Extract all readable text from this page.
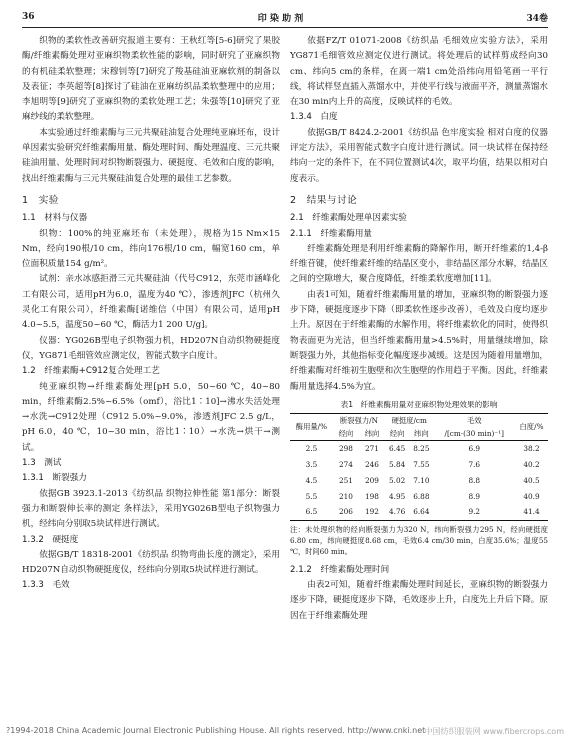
36	印 染 助 剂	34卷

织物的柔软性改善研究报道主要有：王秋红等[5-6]研究了果胶酶/纤维素酶处理对亚麻织物柔软性能的影响，同时研究了亚麻织物的有机硅柔软整理；宋穆钊等[7]研究了羧基硅油亚麻软剂的制备以及表征；李英超等[8]探讨了硅油在亚麻纺织品柔软整理中的应用；李旭明等[9]研究了亚麻织物的柔软处理工艺；朱强等[10]研究了亚麻纱线的柔软整理。

本实验通过纤维素酶与三元共聚硅油复合处理纯亚麻坯布，设计单因素实验研究纤维素酶用量、酶处理时间、酶处理温度、三元共聚硅油用量、处理时间对织物断裂强力、硬挺度、毛效和白度的影响，找出纤维素酶与三元共聚硅油复合处理的最佳工艺参数。

1　实验
1.1　材料与仪器

织物：100%的纯亚麻坯布（未处理），规格为15 Nm×15 Nm，经向190根/10 cm，纬向176根/10 cm，幅宽160 cm，单位面积质量154 g/m²。

试剂：亲水冰感拒滑三元共聚硅油（代号C912，东莞市涵峰化工有限公司，适用pH为6.0，温度为40 ℃），渗透剂JFC（杭州久灵化工有限公司），纤维素酶[诺维信（中国）有限公司，适用pH 4.0~5.5，温度50~60 ℃，酶活力1 200 U/g]。

仪器：YG026B型电子织物强力机，HD207N自动织物硬挺度仪，YG871毛细管效应测定仪，智能式数字白度计。

1.2　纤维素酶+C912复合处理工艺

纯亚麻织物→纤维素酶处理[pH 5.0，50~60 ℃，40~80 min，纤维素酶2.5%~6.5%（omf），浴比1∶10]→沸水失活处理→水洗→C912处理（C912 5.0%~9.0%，渗透剂JFC 2.5 g/L，pH 6.0，40 ℃，10~30 min，浴比1∶10）→水洗→烘干→测试。

1.3　测试
1.3.1　断裂强力

依据GB 3923.1-2013《纺织品 织物拉伸性能 第1部分：断裂强力和断裂伸长率的测定 条样法》，采用YG026B型电子织物强力机，经纬向分别取5块试样进行测试。

1.3.2　硬挺度

依据GB/T 18318-2001《纺织品 织物弯曲长度的测定》，采用HD207N自动织物硬挺度仪，经纬向分别取5块试样进行测试。

1.3.3　毛效

依据FZ/T 01071-2008《纺织品 毛细效应实验方法》，采用YG871毛细管效应测定仪进行测试。将处理后的试样剪成经向30 cm、纬向5 cm的条样，在离一端1 cm处沿纬向用铅笔画一平行线，将试样竖直插入蒸馏水中，并使平行线与液面平齐，测量蒸馏水在30 min内上升的高度，反映试样的毛效。

1.3.4　白度

依据GB/T 8424.2-2001《纺织品 色牢度实验 相对白度的仪器评定方法》，采用智能式数字白度计进行测试。同一块试样在保持经纬向一定的条件下，在不同位置测试4次，取平均值，结果以相对白度表示。

2　结果与讨论
2.1　纤维素酶处理单因素实验
2.1.1　纤维素酶用量

纤维素酶处理是利用纤维素酶的降解作用，断开纤维素的1,4-β纤维苷键，使纤维素纤维的结晶区变小，非结晶区部分水解，结晶区之间的空隙增大，聚合度降低，纤维柔软度增加[11]。

由表1可知，随着纤维素酶用量的增加，亚麻织物的断裂强力逐步下降，硬挺度逐步下降（即柔软性逐步改善），毛效及白度均逐步上升。原因在于纤维素酶的水解作用，将纤维素软化的同时，使得织物表面更为光洁，但当纤维素酶用量>4.5%时，用量继续增加，除断裂强力外，其他指标变化幅度逐步减缓。这是因为随着用量增加，纤维素酶对纤维初生胞壁和次生胞壁的作用趋于平衡。因此，纤维素酶用量选择4.5%为宜。

表1　纤维素酶用量对亚麻织物处理效果的影响
酶用量/%	断裂强力/N		硬挺度/cm		毛效	白度/%
	经向	纬向	经向	纬向	/[cm·(30 min)⁻¹]	
2.5	298	271	6.45	8.25	6.9	38.2
3.5	274	246	5.84	7.55	7.6	40.2
4.5	251	209	5.02	7.10	8.8	40.5
5.5	210	198	4.95	6.88	8.9	40.9
6.5	206	192	4.76	6.64	9.2	41.4

注：未处理织物的经向断裂强力为320 N，纬向断裂强力295 N，经向硬挺度6.80 cm，纬向硬挺度8.68 cm，毛效6.4 cm/30 min，白度35.6%；温度55 ℃，时间60 min。

2.1.2　纤维素酶处理时间

由表2可知，随着纤维素酶处理时间延长，亚麻织物的断裂强力逐步下降，硬挺度逐步下降，毛效逐步上升，白度先上升后下降。原因在于纤维素酶处理

?1994-2018 China Academic Journal Electronic Publishing House. All rights reserved. http://www.cnki.net 中国纺织服装网 www.fibercrops.com
